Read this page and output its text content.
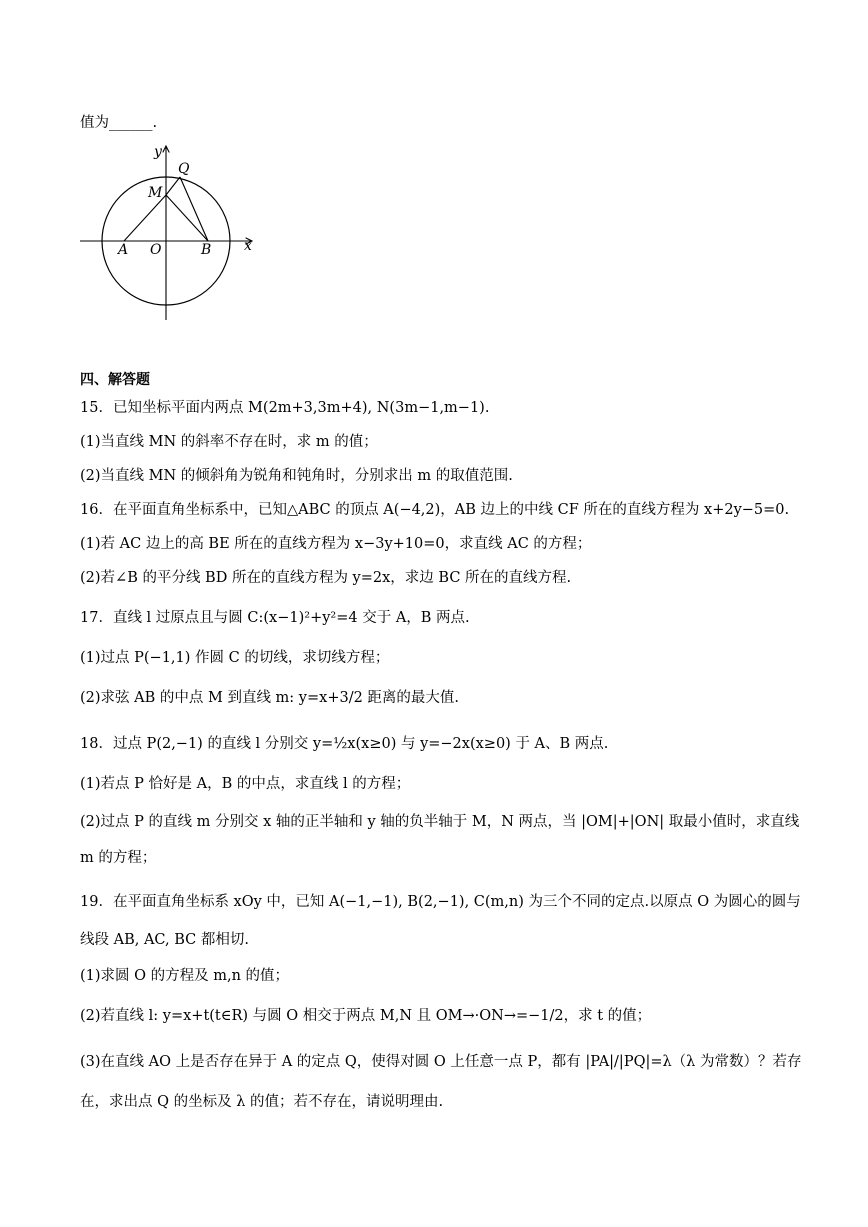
值为______.
y
x
Q
M
A O	B
四、解答题
15．已知坐标平面内两点 M(2m+3,3m+4), N(3m−1,m−1).
(1)当直线 MN 的斜率不存在时，求 m 的值；
(2)当直线 MN 的倾斜角为锐角和钝角时，分别求出 m 的取值范围.
16．在平面直角坐标系中，已知△ABC 的顶点 A(−4,2)，AB 边上的中线 CF 所在的直线方程为 x+2y−5=0.
(1)若 AC 边上的高 BE 所在的直线方程为 x−3y+10=0，求直线 AC 的方程；
(2)若∠B 的平分线 BD 所在的直线方程为 y=2x，求边 BC 所在的直线方程.
17．直线 l 过原点且与圆 C:(x−1)²+y²=4 交于 A，B 两点.
(1)过点 P(−1,1) 作圆 C 的切线，求切线方程；
(2)求弦 AB 的中点 M 到直线 m: y=x+3/2 距离的最大值.
18．过点 P(2,−1) 的直线 l 分别交 y=½x(x≥0) 与 y=−2x(x≥0) 于 A、B 两点.
(1)若点 P 恰好是 A，B 的中点，求直线 l 的方程；
(2)过点 P 的直线 m 分别交 x 轴的正半轴和 y 轴的负半轴于 M，N 两点，当 |OM|+|ON| 取最小值时，求直线
m 的方程；
19．在平面直角坐标系 xOy 中，已知 A(−1,−1), B(2,−1), C(m,n) 为三个不同的定点.以原点 O 为圆心的圆与
线段 AB, AC, BC 都相切.
(1)求圆 O 的方程及 m,n 的值；
(2)若直线 l: y=x+t(t∈R) 与圆 O 相交于两点 M,N 且 OM→·ON→=−1/2，求 t 的值；
(3)在直线 AO 上是否存在异于 A 的定点 Q，使得对圆 O 上任意一点 P，都有 |PA|/|PQ|=λ（λ 为常数）？若存
在，求出点 Q 的坐标及 λ 的值；若不存在，请说明理由.
